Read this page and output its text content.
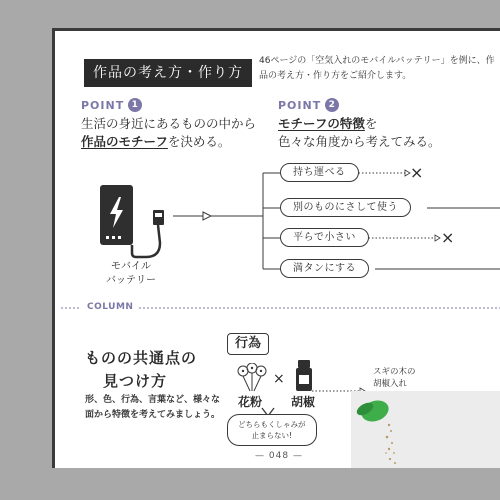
作品の考え方・作り方
46ページの「空気入れのモバイルバッテリー」を例に、作品の考え方・作り方をご紹介します。
POINT 1
生活の身近にあるものの中から
作品のモチーフを決める。
POINT 2
モチーフの特徴を
色々な角度から考えてみる。
×
×
モバイル
バッテリー
持ち運べる
別のものにさして使う
平らで小さい
満タンにする
COLUMN
ものの共通点の
見つけ方
形、色、行為、言葉など、様々な
面から特徴を考えてみましょう。
行為
花粉
×
胡椒
どちらもくしゃみが
止まらない!
スギの木の
胡椒入れ
— 048 —
